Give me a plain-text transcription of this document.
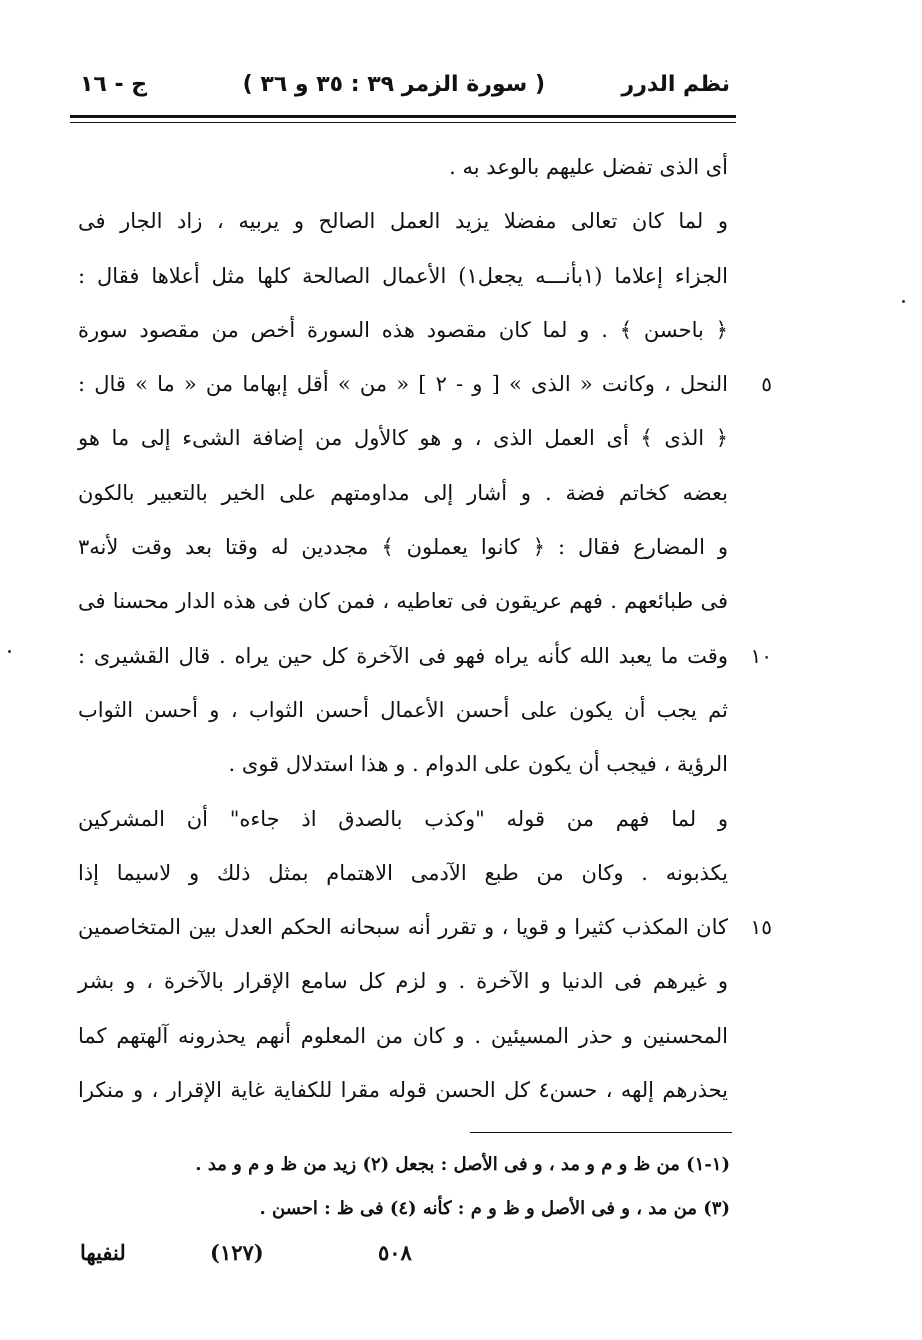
نظم الدرر
( سورة الزمر ٣٩ : ٣٥ و ٣٦ )
ج - ١٦
أى الذى تفضل عليهم بالوعد به .
و لما كان تعالى مفضلا يزيد العمل الصالح و يربيه ، زاد الجار فى
الجزاء إعلاما (١بأنـــه يجعل١) الأعمال الصالحة كلها مثل أعلاها فقال :
﴿ باحسن ﴾ . و لما كان مقصود هذه السورة أخص من مقصود سورة
٥
النحل ، وكانت « الذى » [ و - ٢ ] « من » أقل إبهاما من « ما » قال :
﴿ الذى ﴾ أى العمل الذى ، و هو كالأول من إضافة الشىء إلى ما هو
بعضه كخاتم فضة . و أشار إلى مداومتهم على الخير بالتعبير بالكون
و المضارع فقال : ﴿ كانوا يعملون ﴾ مجددين له وقتا بعد وقت لأنه٣
فى طبائعهم . فهم عريقون فى تعاطيه ، فمن كان فى هذه الدار محسنا فى
١٠
وقت ما يعبد الله كأنه يراه فهو فى الآخرة كل حين يراه . قال القشيرى :
ثم يجب أن يكون على أحسن الأعمال أحسن الثواب ، و أحسن الثواب
الرؤية ، فيجب أن يكون على الدوام . و هذا استدلال قوى .
و لما فهم من قوله "وكذب بالصدق اذ جاءه" أن المشركين
يكذبونه . وكان من طبع الآدمى الاهتمام بمثل ذلك و لاسيما إذا
١٥
كان المكذب كثيرا و قويا ، و تقرر أنه سبحانه الحكم العدل بين المتخاصمين
و غيرهم فى الدنيا و الآخرة . و لزم كل سامع الإقرار بالآخرة ، و بشر
المحسنين و حذر المسيئين . و كان من المعلوم أنهم يحذرونه آلهتهم كما
يحذرهم إلهه ، حسن٤ كل الحسن قوله مقرا للكفاية غاية الإقرار ، و منكرا
(١-١) من ظ و م و مد ، و فى الأصل : بجعل (٢) زيد من ظ و م و مد .
(٣) من مد ، و فى الأصل و ظ و م : كأنه (٤) فى ظ : احسن .
٥٠٨
(١٢٧)
لنفيها
